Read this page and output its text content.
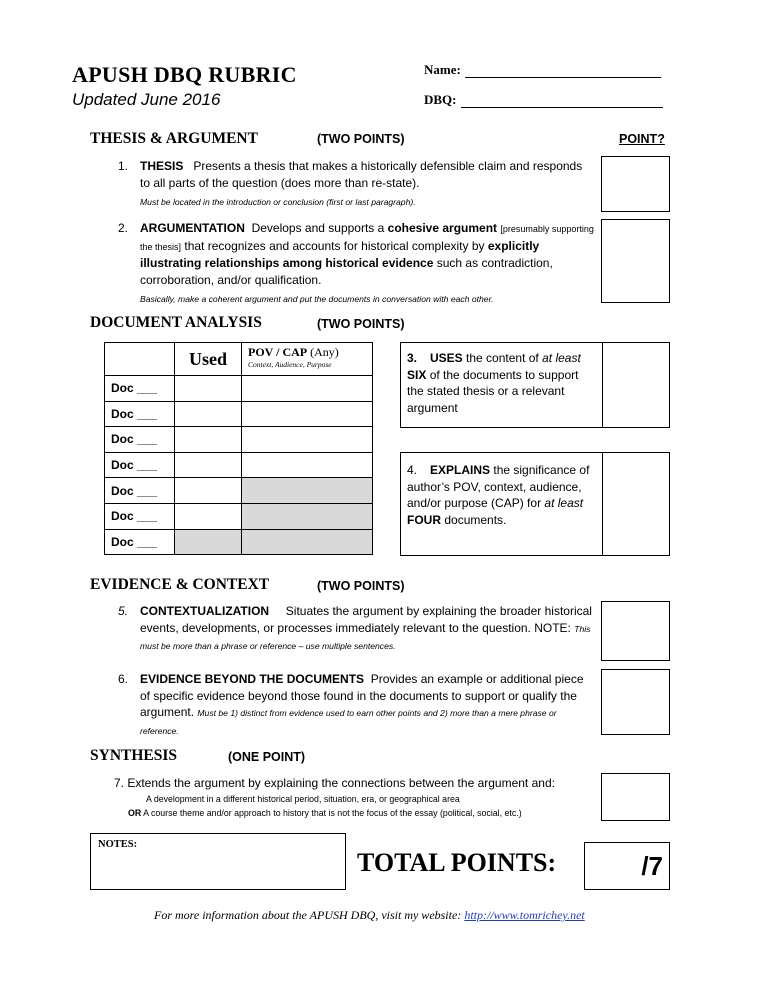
APUSH DBQ RUBRIC
Updated June 2016
Name:
DBQ:
THESIS & ARGUMENT	(TWO POINTS)	POINT?
1. THESIS Presents a thesis that makes a historically defensible claim and responds to all parts of the question (does more than re-state).
Must be located in the introduction or conclusion (first or last paragraph).
2. ARGUMENTATION Develops and supports a cohesive argument [presumably supporting the thesis] that recognizes and accounts for historical complexity by explicitly illustrating relationships among historical evidence such as contradiction, corroboration, and/or qualification.
Basically, make a coherent argument and put the documents in conversation with each other.
DOCUMENT ANALYSIS	(TWO POINTS)
	Used	POV / CAP (Any)
Context, Audience, Purpose

Doc ___		
Doc ___		
Doc ___		
Doc ___		
Doc ___		
Doc ___		
Doc ___		
3. USES the content of at least SIX of the documents to support the stated thesis or a relevant argument
4. EXPLAINS the significance of author’s POV, context, audience, and/or purpose (CAP) for at least FOUR documents.
EVIDENCE & CONTEXT	(TWO POINTS)
5. CONTEXTUALIZATION Situates the argument by explaining the broader historical events, developments, or processes immediately relevant to the question. NOTE: This must be more than a phrase or reference – use multiple sentences.
6. EVIDENCE BEYOND THE DOCUMENTS Provides an example or additional piece of specific evidence beyond those found in the documents to support or qualify the argument. Must be 1) distinct from evidence used to earn other points and 2) more than a mere phrase or reference.
SYNTHESIS	(ONE POINT)
7. Extends the argument by explaining the connections between the argument and:
A development in a different historical period, situation, era, or geographical area
OR A course theme and/or approach to history that is not the focus of the essay (political, social, etc.)
NOTES:
TOTAL POINTS:	/7
For more information about the APUSH DBQ, visit my website: http://www.tomrichey.net
